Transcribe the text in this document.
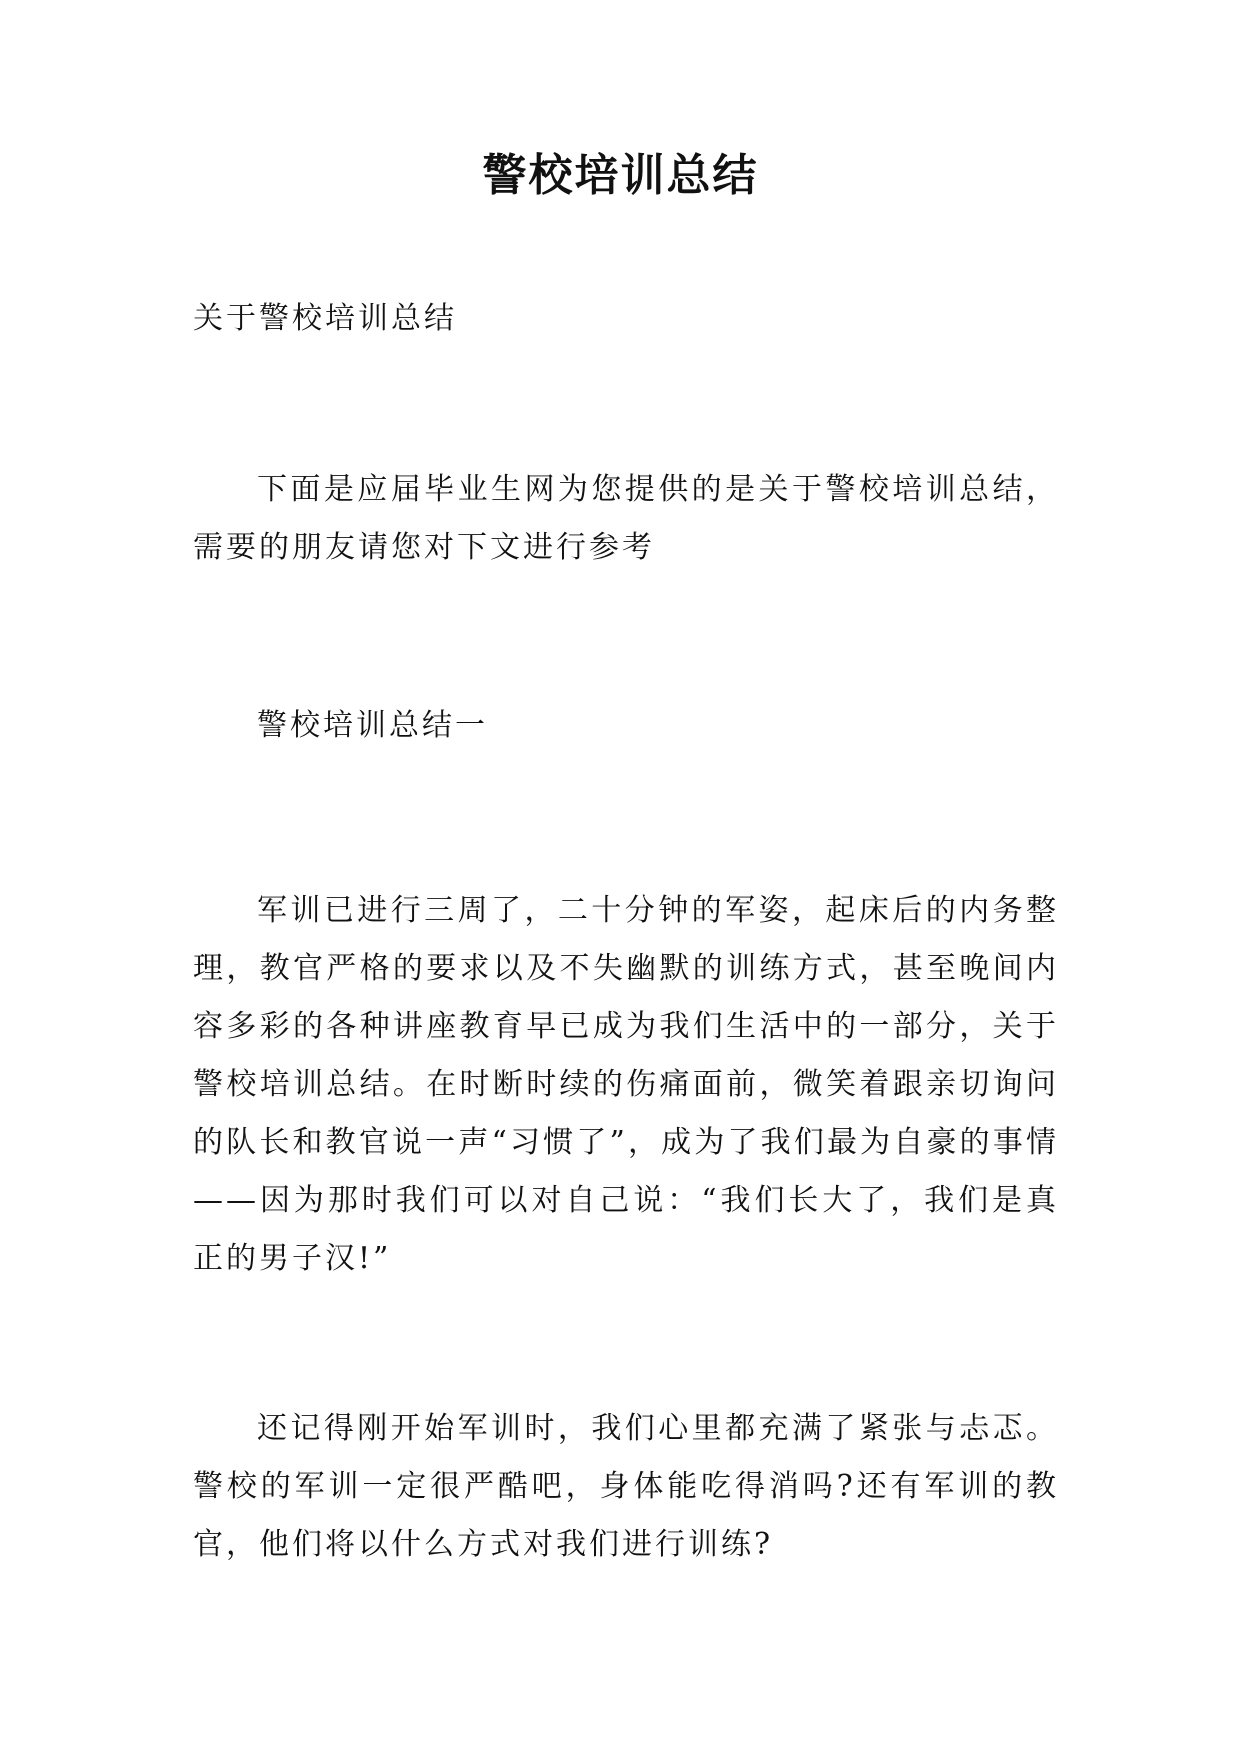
警校培训总结

关于警校培训总结

下面是应届毕业生网为您提供的是关于警校培训总结，需要的朋友请您对下文进行参考

警校培训总结一

军训已进行三周了，二十分钟的军姿，起床后的内务整理，教官严格的要求以及不失幽默的训练方式，甚至晚间内容多彩的各种讲座教育早已成为我们生活中的一部分，关于警校培训总结。在时断时续的伤痛面前，微笑着跟亲切询问的队长和教官说一声“习惯了”，成为了我们最为自豪的事情——因为那时我们可以对自己说：“我们长大了，我们是真正的男子汉!”

还记得刚开始军训时，我们心里都充满了紧张与忐忑。警校的军训一定很严酷吧，身体能吃得消吗?还有军训的教官，他们将以什么方式对我们进行训练?
